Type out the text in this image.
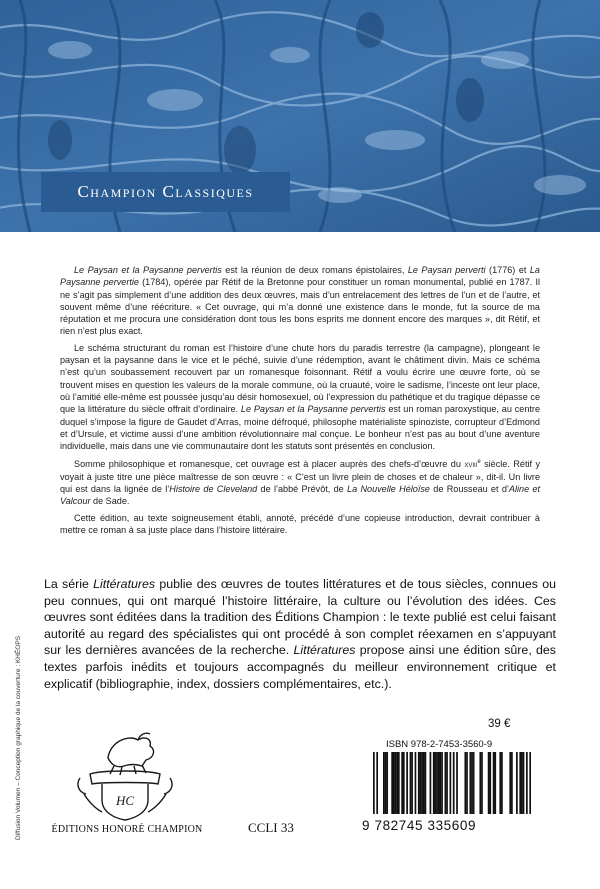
Champion Classiques

Le Paysan et la Paysanne pervertis est la réunion de deux romans épistolaires, Le Paysan perverti (1776) et La Paysanne pervertie (1784), opérée par Rétif de la Bretonne pour constituer un roman monumental, publié en 1787. Il ne s’agit pas simplement d’une addition des deux œuvres, mais d’un entrelacement des lettres de l’un et de l’autre, et souvent même d’une réécriture. « Cet ouvrage, qui m’a donné une existence dans le monde, fut la source de ma réputation et me procura une considération dont tous les bons esprits me donnent encore des marques », dit Rétif, et rien n’est plus exact.

Le schéma structurant du roman est l’histoire d’une chute hors du paradis terrestre (la campagne), plongeant le paysan et la paysanne dans le vice et le péché, suivie d’une rédemption, avant le châtiment divin. Mais ce schéma n’est qu’un soubassement recouvert par un romanesque foisonnant. Rétif a voulu écrire une œuvre forte, où se trouvent mises en question les valeurs de la morale commune, où la cruauté, voire le sadisme, l’inceste ont leur place, où l’amitié elle-même est poussée jusqu’au désir homosexuel, où l’expression du pathétique et du tragique dépasse ce que la littérature du siècle offrait d’ordinaire. Le Paysan et la Paysanne pervertis est un roman paroxystique, au centre duquel s’impose la figure de Gaudet d’Arras, moine défroqué, philosophe matérialiste spinoziste, corrupteur d’Edmond et d’Ursule, et victime aussi d’une ambition révolutionnaire mal conçue. Le bonheur n’est pas au bout d’une aventure individuelle, mais dans une vie communautaire dont les statuts sont présentés en conclusion.

Somme philosophique et romanesque, cet ouvrage est à placer auprès des chefs-d’œuvre du xviii$^e$ siècle. Rétif y voyait à juste titre une pièce maîtresse de son œuvre : « C’est un livre plein de choses et de chaleur », dit-il. Un livre qui est dans la lignée de l’Histoire de Cleveland de l’abbé Prévôt, de La Nouvelle Héloïse de Rousseau et d’Aline et Valcour de Sade.

Cette édition, au texte soigneusement établi, annoté, précédé d’une copieuse introduction, devrait contribuer à mettre ce roman à sa juste place dans l’histoire littéraire.

La série Littératures publie des œuvres de toutes littératures et de tous siècles, connues ou peu connues, qui ont marqué l’histoire littéraire, la culture ou l’évolution des idées. Ces œuvres sont éditées dans la tradition des Éditions Champion : le texte publié est celui faisant autorité au regard des spécialistes qui ont procédé à son complet réexamen en s’appuyant sur les dernières avancées de la recherche. Littératures propose ainsi une édition sûre, des textes parfois inédits et toujours accompagnés du meilleur environnement critique et explicatif (bibliographie, index, dossiers complémentaires, etc.).

Diffusion Volumen – Conception graphique de la couverture : KHÉOPS	HC
ÉDITIONS HONORÉ CHAMPION	CCLI 33
39 €
ISBN 978-2-7453-3560-9
9 782745 335609
